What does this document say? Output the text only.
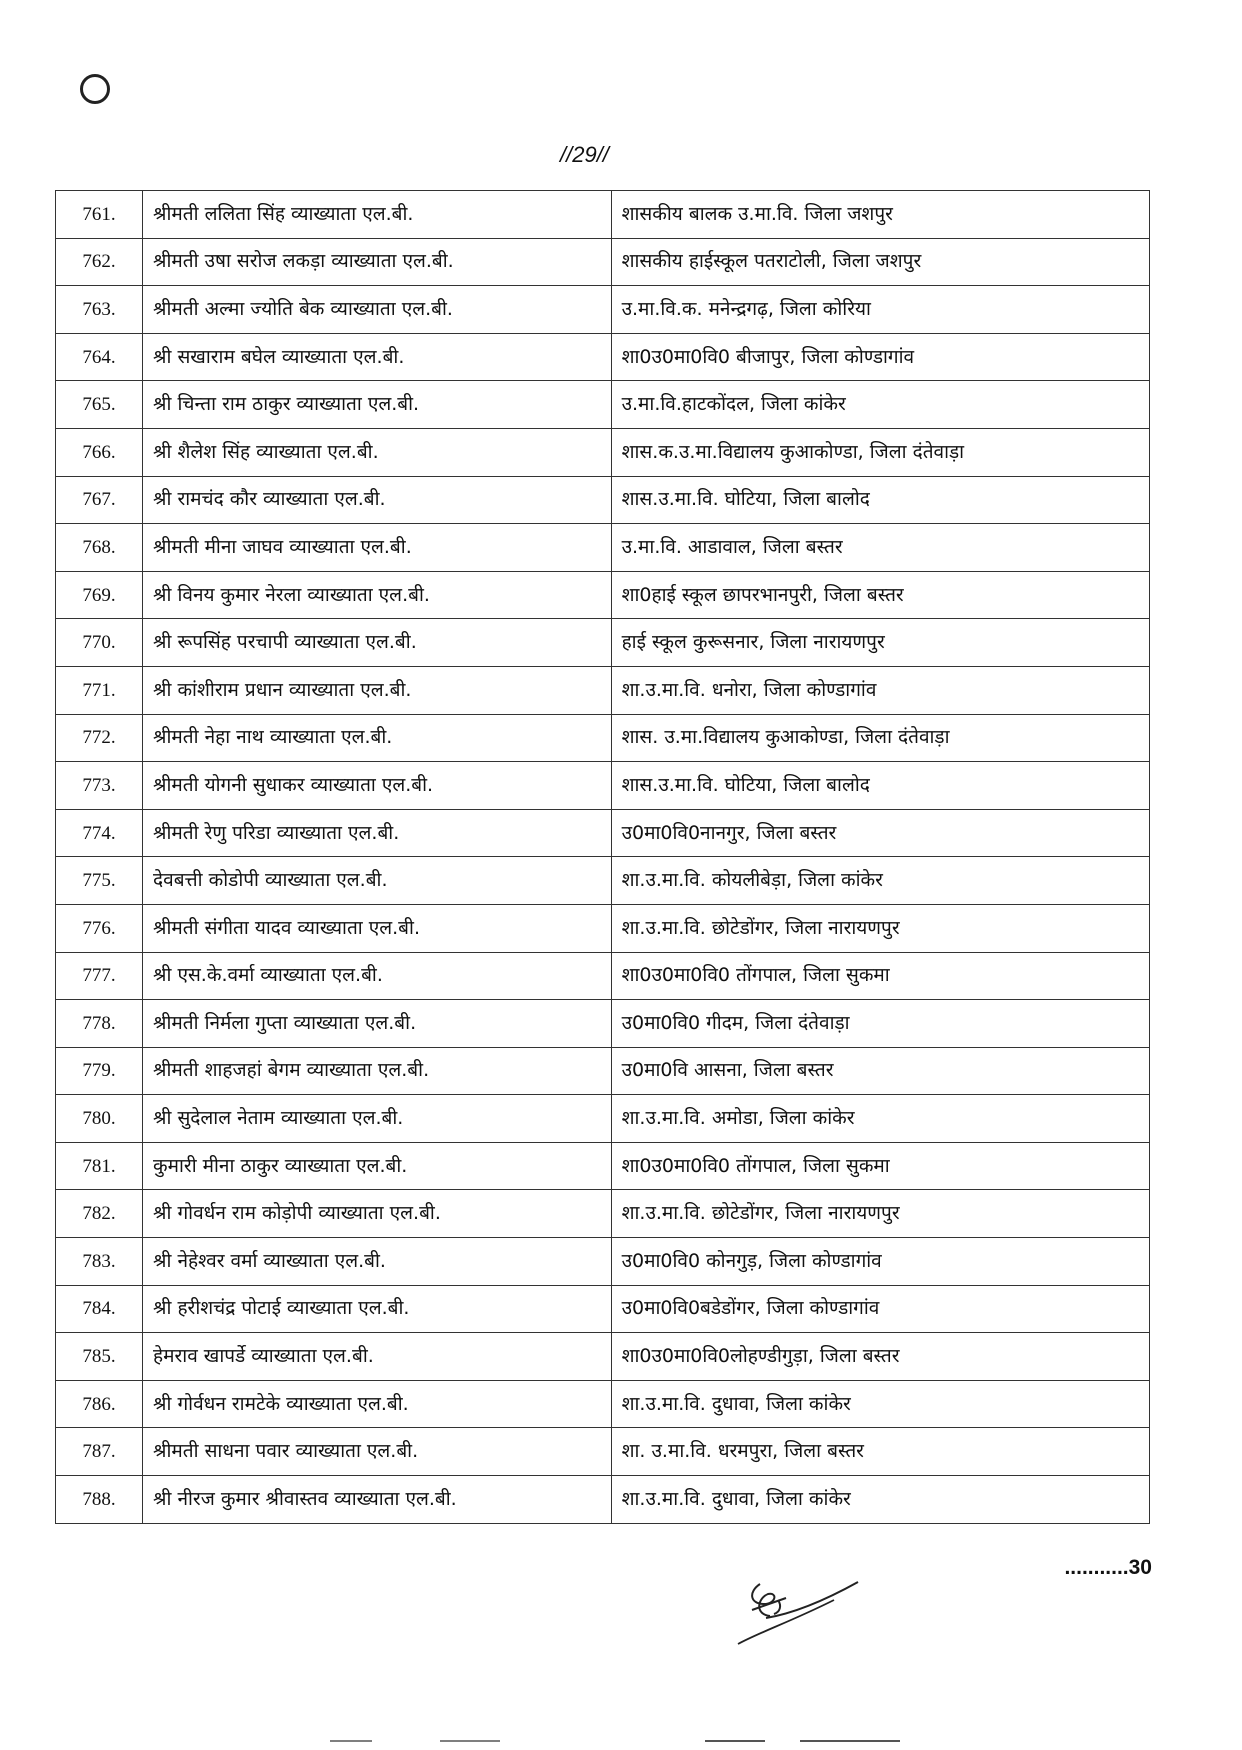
//29//
761.	श्रीमती ललिता सिंह व्याख्याता एल.बी.	शासकीय बालक उ.मा.वि. जिला जशपुर
762.	श्रीमती उषा सरोज लकड़ा व्याख्याता एल.बी.	शासकीय हाईस्कूल पतराटोली, जिला जशपुर
763.	श्रीमती अल्मा ज्योति बेक व्याख्याता एल.बी.	उ.मा.वि.क. मनेन्द्रगढ़, जिला कोरिया
764.	श्री सखाराम बघेल व्याख्याता एल.बी.	शा0उ0मा0वि0 बीजापुर, जिला कोण्डागांव
765.	श्री चिन्ता राम ठाकुर व्याख्याता एल.बी.	उ.मा.वि.हाटकोंदल, जिला कांकेर
766.	श्री शैलेश सिंह व्याख्याता एल.बी.	शास.क.उ.मा.विद्यालय कुआकोण्डा, जिला दंतेवाड़ा
767.	श्री रामचंद कौर व्याख्याता एल.बी.	शास.उ.मा.वि. घोटिया, जिला बालोद
768.	श्रीमती मीना जाघव व्याख्याता एल.बी.	उ.मा.वि. आडावाल, जिला बस्तर
769.	श्री विनय कुमार नेरला व्याख्याता एल.बी.	शा0हाई स्कूल छापरभानपुरी, जिला बस्तर
770.	श्री रूपसिंह परचापी व्याख्याता एल.बी.	हाई स्कूल कुरूसनार, जिला नारायणपुर
771.	श्री कांशीराम प्रधान व्याख्याता एल.बी.	शा.उ.मा.वि. धनोरा, जिला कोण्डागांव
772.	श्रीमती नेहा नाथ व्याख्याता एल.बी.	शास. उ.मा.विद्यालय कुआकोण्डा, जिला दंतेवाड़ा
773.	श्रीमती योगनी सुधाकर व्याख्याता एल.बी.	शास.उ.मा.वि. घोटिया, जिला बालोद
774.	श्रीमती रेणु परिडा व्याख्याता एल.बी.	उ0मा0वि0नानगुर, जिला बस्तर
775.	देवबत्ती कोडोपी व्याख्याता एल.बी.	शा.उ.मा.वि. कोयलीबेड़ा, जिला कांकेर
776.	श्रीमती संगीता यादव व्याख्याता एल.बी.	शा.उ.मा.वि. छोटेडोंगर, जिला नारायणपुर
777.	श्री एस.के.वर्मा व्याख्याता एल.बी.	शा0उ0मा0वि0 तोंगपाल, जिला सुकमा
778.	श्रीमती निर्मला गुप्ता व्याख्याता एल.बी.	उ0मा0वि0 गीदम, जिला दंतेवाड़ा
779.	श्रीमती शाहजहां बेगम व्याख्याता एल.बी.	उ0मा0वि आसना, जिला बस्तर
780.	श्री सुदेलाल नेताम व्याख्याता एल.बी.	शा.उ.मा.वि. अमोडा, जिला कांकेर
781.	कुमारी मीना ठाकुर व्याख्याता एल.बी.	शा0उ0मा0वि0 तोंगपाल, जिला सुकमा
782.	श्री गोवर्धन राम कोड़ोपी व्याख्याता एल.बी.	शा.उ.मा.वि. छोटेडोंगर, जिला नारायणपुर
783.	श्री नेहेश्वर वर्मा व्याख्याता एल.बी.	उ0मा0वि0 कोनगुड़, जिला कोण्डागांव
784.	श्री हरीशचंद्र पोटाई व्याख्याता एल.बी.	उ0मा0वि0बडेडोंगर, जिला कोण्डागांव
785.	हेमराव खापर्डे व्याख्याता एल.बी.	शा0उ0मा0वि0लोहण्डीगुड़ा, जिला बस्तर
786.	श्री गोर्वधन रामटेके व्याख्याता एल.बी.	शा.उ.मा.वि. दुधावा, जिला कांकेर
787.	श्रीमती साधना पवार व्याख्याता एल.बी.	शा. उ.मा.वि. धरमपुरा, जिला बस्तर
788.	श्री नीरज कुमार श्रीवास्तव व्याख्याता एल.बी.	शा.उ.मा.वि. दुधावा, जिला कांकेर
...........30
